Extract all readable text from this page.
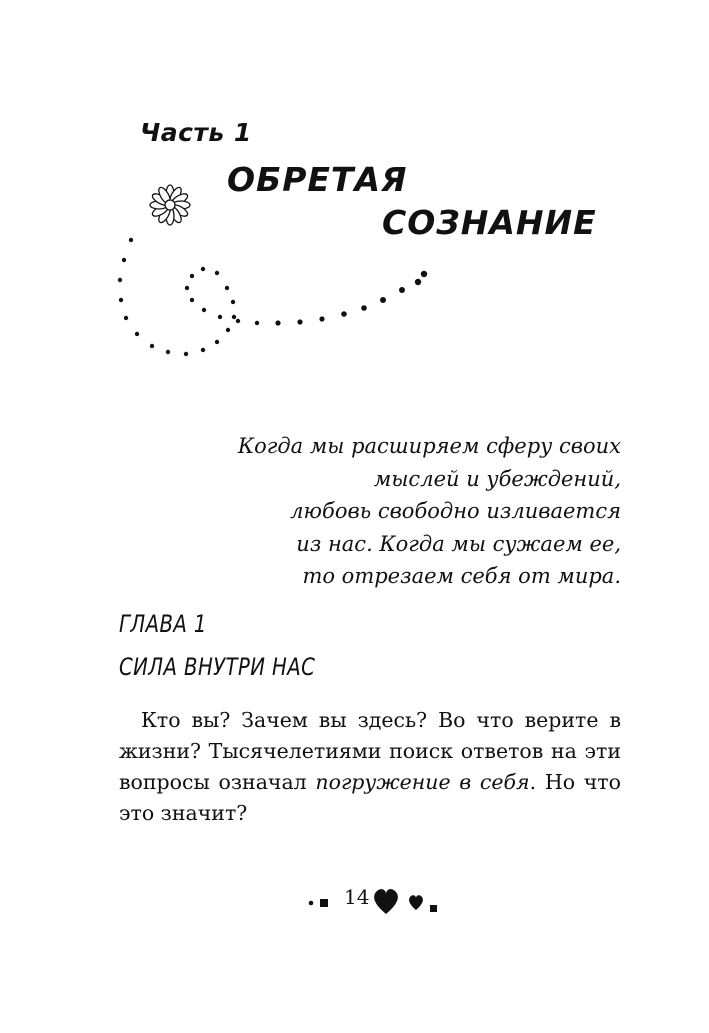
Часть 1
ОБРЕТАЯ
СОЗНАНИЕ
Когда мы расширяем сферу своих
мыслей и убеждений,
любовь свободно изливается
из нас. Когда мы сужаем ее,
то отрезаем себя от мира.
ГЛАВА 1
СИЛА ВНУТРИ НАС

Кто вы? Зачем вы здесь? Во что верите в жизни? Тысячелетиями поиск ответов на эти вопросы означал погружение в себя. Но что это значит?

14
